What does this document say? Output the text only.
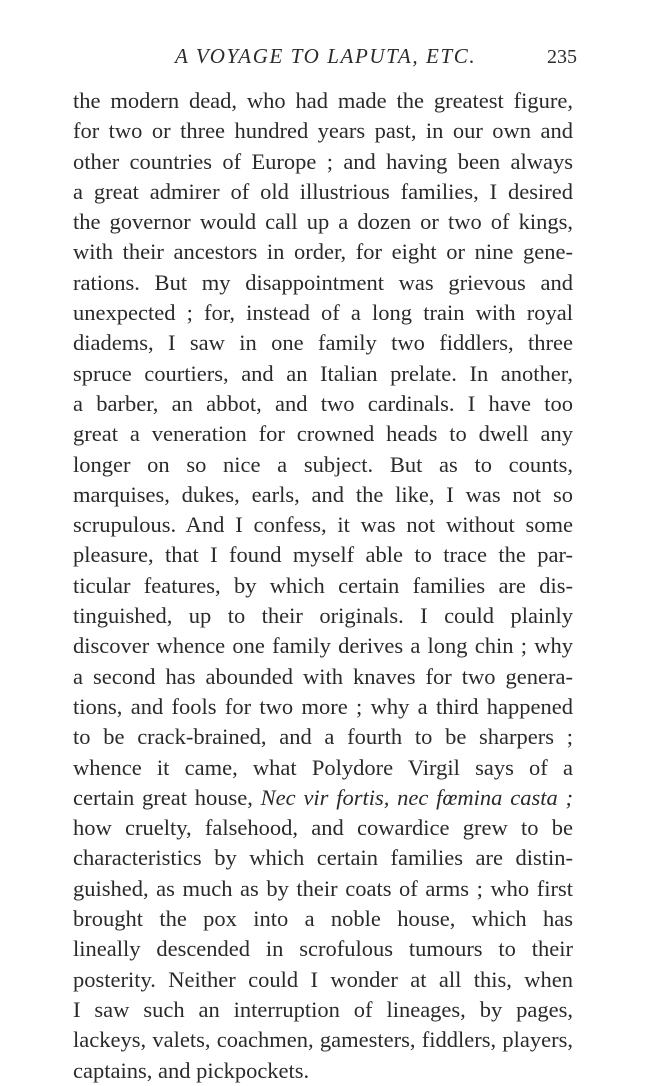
A VOYAGE TO LAPUTA, ETC.	235
the modern dead, who had made the greatest figure,
for two or three hundred years past, in our own and
other countries of Europe ; and having been always
a great admirer of old illustrious families, I desired
the governor would call up a dozen or two of kings,
with their ancestors in order, for eight or nine gene-
rations. But my disappointment was grievous and
unexpected ; for, instead of a long train with royal
diadems, I saw in one family two fiddlers, three
spruce courtiers, and an Italian prelate. In another,
a barber, an abbot, and two cardinals. I have too
great a veneration for crowned heads to dwell any
longer on so nice a subject. But as to counts,
marquises, dukes, earls, and the like, I was not so
scrupulous. And I confess, it was not without some
pleasure, that I found myself able to trace the par-
ticular features, by which certain families are dis-
tinguished, up to their originals. I could plainly
discover whence one family derives a long chin ; why
a second has abounded with knaves for two genera-
tions, and fools for two more ; why a third happened
to be crack-brained, and a fourth to be sharpers ;
whence it came, what Polydore Virgil says of a
certain great house, Nec vir fortis, nec fœmina casta ;
how cruelty, falsehood, and cowardice grew to be
characteristics by which certain families are distin-
guished, as much as by their coats of arms ; who first
brought the pox into a noble house, which has
lineally descended in scrofulous tumours to their
posterity. Neither could I wonder at all this, when
I saw such an interruption of lineages, by pages,
lackeys, valets, coachmen, gamesters, fiddlers, players,
captains, and pickpockets.
